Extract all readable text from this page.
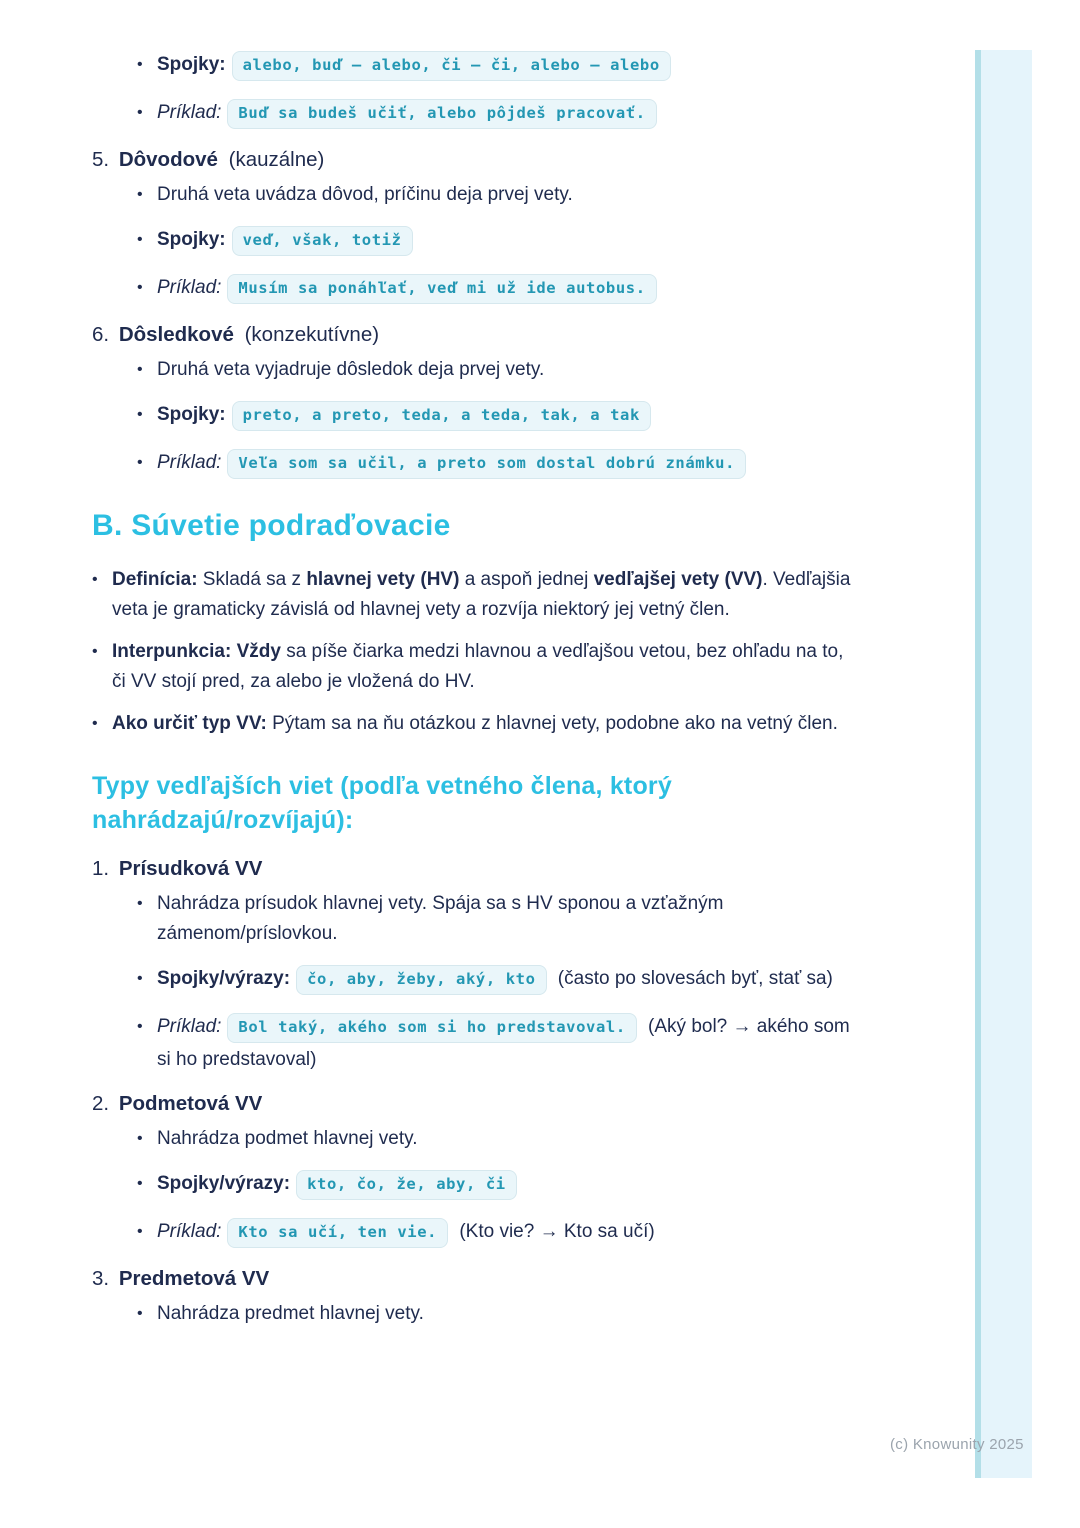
• Spojky: alebo, buď – alebo, či – či, alebo – alebo
• Príklad: Buď sa budeš učiť, alebo pôjdeš pracovať.
5. Dôvodové (kauzálne)
• Druhá veta uvádza dôvod, príčinu deja prvej vety.
• Spojky: veď, však, totiž
• Príklad: Musím sa ponáhľať, veď mi už ide autobus.
6. Dôsledkové (konzekutívne)
• Druhá veta vyjadruje dôsledok deja prvej vety.
• Spojky: preto, a preto, teda, a teda, tak, a tak
• Príklad: Veľa som sa učil, a preto som dostal dobrú známku.
B. Súvetie podraďovacie
• Definícia: Skladá sa z hlavnej vety (HV) a aspoň jednej vedľajšej vety (VV). Vedľajšia veta je gramaticky závislá od hlavnej vety a rozvíja niektorý jej vetný člen.
• Interpunkcia: Vždy sa píše čiarka medzi hlavnou a vedľajšou vetou, bez ohľadu na to, či VV stojí pred, za alebo je vložená do HV.
• Ako určiť typ VV: Pýtam sa na ňu otázkou z hlavnej vety, podobne ako na vetný člen.
Typy vedľajších viet (podľa vetného člena, ktorý nahrádzajú/rozvíjajú):
1. Prísudková VV
• Nahrádza prísudok hlavnej vety. Spája sa s HV sponou a vzťažným zámenom/príslovkou.
• Spojky/výrazy: čo, aby, žeby, aký, kto (často po slovesách byť, stať sa)
• Príklad: Bol taký, akého som si ho predstavoval. (Aký bol? → akého som si ho predstavoval)
2. Podmetová VV
• Nahrádza podmet hlavnej vety.
• Spojky/výrazy: kto, čo, že, aby, či
• Príklad: Kto sa učí, ten vie. (Kto vie? → Kto sa učí)
3. Predmetová VV
• Nahrádza predmet hlavnej vety.
(c) Knowunity 2025
